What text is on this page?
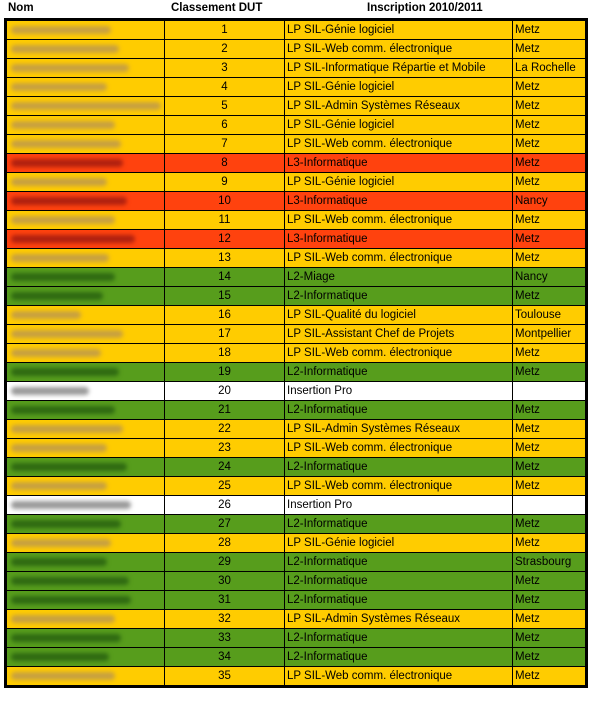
Nom	Classement DUT	Inscription 2010/2011
	1	LP SIL-Génie logiciel	Metz

	2	LP SIL-Web comm. électronique	Metz

	3	LP SIL-Informatique Répartie et Mobile	La Rochelle

	4	LP SIL-Génie logiciel	Metz

	5	LP SIL-Admin Systèmes Réseaux	Metz

	6	LP SIL-Génie logiciel	Metz

	7	LP SIL-Web comm. électronique	Metz

	8	L3-Informatique	Metz

	9	LP SIL-Génie logiciel	Metz

	10	L3-Informatique	Nancy

	11	LP SIL-Web comm. électronique	Metz

	12	L3-Informatique	Metz

	13	LP SIL-Web comm. électronique	Metz

	14	L2-Miage	Nancy

	15	L2-Informatique	Metz

	16	LP SIL-Qualité du logiciel	Toulouse

	17	LP SIL-Assistant Chef de Projets	Montpellier

	18	LP SIL-Web comm. électronique	Metz

	19	L2-Informatique	Metz

	20	Insertion Pro	

	21	L2-Informatique	Metz

	22	LP SIL-Admin Systèmes Réseaux	Metz

	23	LP SIL-Web comm. électronique	Metz

	24	L2-Informatique	Metz

	25	LP SIL-Web comm. électronique	Metz

	26	Insertion Pro	

	27	L2-Informatique	Metz

	28	LP SIL-Génie logiciel	Metz

	29	L2-Informatique	Strasbourg

	30	L2-Informatique	Metz

	31	L2-Informatique	Metz

	32	LP SIL-Admin Systèmes Réseaux	Metz

	33	L2-Informatique	Metz

	34	L2-Informatique	Metz

	35	LP SIL-Web comm. électronique	Metz
